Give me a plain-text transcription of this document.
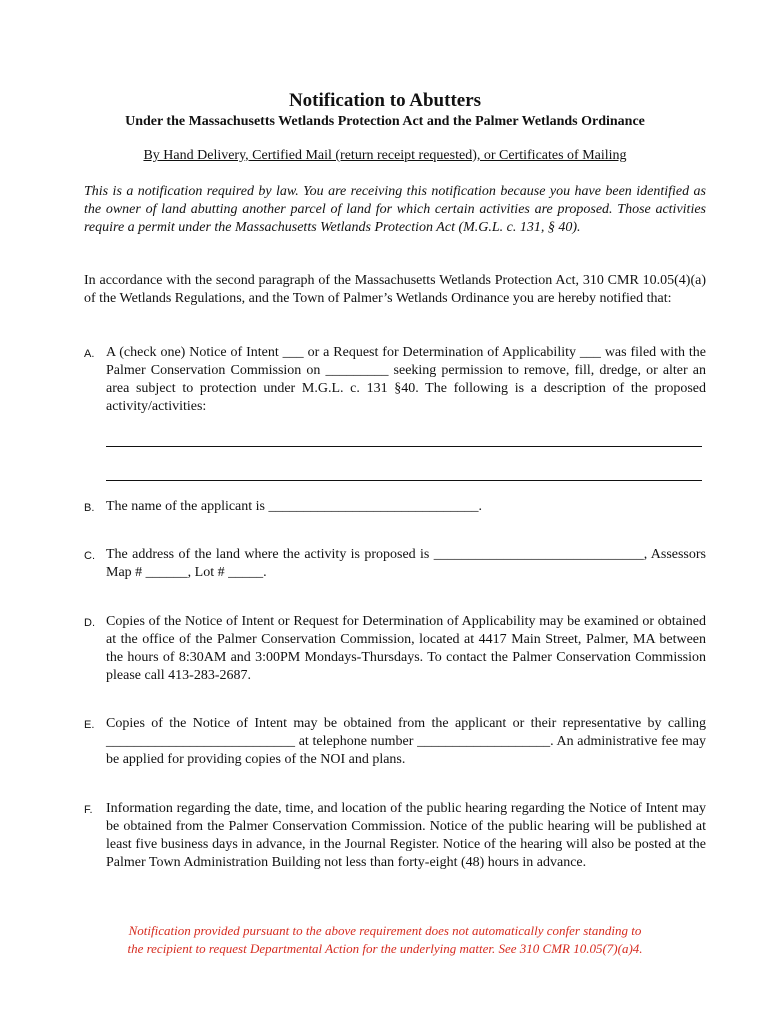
Notification to Abutters
Under the Massachusetts Wetlands Protection Act and the Palmer Wetlands Ordinance
By Hand Delivery, Certified Mail (return receipt requested), or Certificates of Mailing
This is a notification required by law. You are receiving this notification because you have been identified as the owner of land abutting another parcel of land for which certain activities are proposed. Those activities require a permit under the Massachusetts Wetlands Protection Act (M.G.L. c. 131, § 40).
In accordance with the second paragraph of the Massachusetts Wetlands Protection Act, 310 CMR 10.05(4)(a) of the Wetlands Regulations, and the Town of Palmer’s Wetlands Ordinance you are hereby notified that:
A. A (check one) Notice of Intent ___ or a Request for Determination of Applicability ___ was filed with the Palmer Conservation Commission on _________ seeking permission to remove, fill, dredge, or alter an area subject to protection under M.G.L. c. 131 §40. The following is a description of the proposed activity/activities:
B. The name of the applicant is ______________________________.
C. The address of the land where the activity is proposed is ______________________________, Assessors Map # ______, Lot # _____.
D. Copies of the Notice of Intent or Request for Determination of Applicability may be examined or obtained at the office of the Palmer Conservation Commission, located at 4417 Main Street, Palmer, MA between the hours of 8:30AM and 3:00PM Mondays-Thursdays. To contact the Palmer Conservation Commission please call 413-283-2687.
E. Copies of the Notice of Intent may be obtained from the applicant or their representative by calling ___________________________ at telephone number ___________________. An administrative fee may be applied for providing copies of the NOI and plans.
F. Information regarding the date, time, and location of the public hearing regarding the Notice of Intent may be obtained from the Palmer Conservation Commission. Notice of the public hearing will be published at least five business days in advance, in the Journal Register. Notice of the hearing will also be posted at the Palmer Town Administration Building not less than forty-eight (48) hours in advance.
Notification provided pursuant to the above requirement does not automatically confer standing to the recipient to request Departmental Action for the underlying matter. See 310 CMR 10.05(7)(a)4.
